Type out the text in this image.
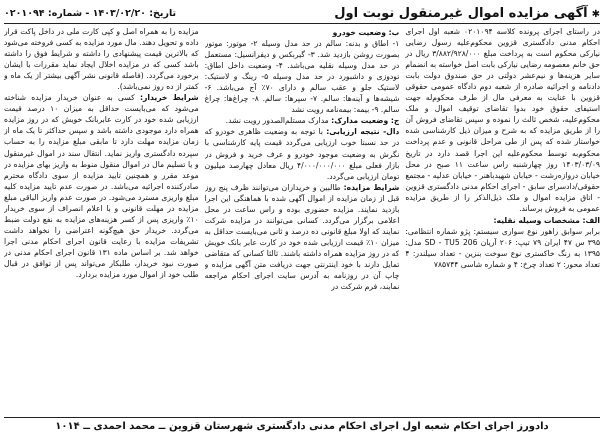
✱آگهی مزایده اموال غیرمنقول نوبت اول
تاریخ: ۱۴۰۳/۰۲/۲۰ - شماره: ۰۲۰۱۰۹۴

در راستای اجرای پرونده کلاسه ۰۲۰۱۰۹۴ شعبه اول اجرای احکام مدنی دادگستری قزوین محکوم‌علیه رسول رضایی نیارکی محکوم است به پرداخت مبلغ ۳/۸۸۲/۹۲۸/۰۰۰ ریال در حق خانم معصومه رضایی نیارکی بابت اصل خواسته به انضمام سایر هزینه‌ها و نیم‌عشر دولتی در حق صندوق دولت بابت دادنامه و اجرائیه صادره از شعبه دوم دادگاه عمومی حقوقی قزوین با عنایت به معرفی مال از طرف محکوم‌له جهت استیفای حقوق خود بدوا تقاضای توقیف اموال و ملک محکوم‌علیه، شخص ثالث را نموده و سپس تقاضای فروش آن را از طریق مزایده که به شرح و میزان ذیل کارشناسی شده خواستار شده که پس از طی مراحل قانونی و عدم پرداخت محکوم‌به توسط محکوم‌علیه این اجرا قصد دارد در تاریخ ۱۴۰۳/۰۳/۰۹ روز چهارشنبه راس ساعت ۱۱ صبح در محل خیابان دروازه‌رشت - خیابان شهیدباهنر - خیابان عدلیه - مجتمع حقوقی/دادسرای سابق - اجرای احکام مدنی دادگستری قزوین - اتاق مزایده اموال و ملک ذیل‌الذکر را از طریق مزایده عمومی به فروش برساند.

الف: مشخصات وسیله نقلیه:

برابر سوابق راهور نوع سواری سیستم: پژو شماره انتظامی: ۳۹۵ س ۴۷ ایران ۷۹ تیپ: ۲۰۶ آریان SD - TU5 206 مدل: ۱۳۹۵ به رنگ خاکستری نوع سوخت بنزین - تعداد سیلندر: ۴ تعداد محور: ۲ تعداد چرخ: ۴ و شماره شاسی ۷۸۵۷۴۴

ب: وضعیت خودرو

۱- اطاق و بدنه: سالم در حد مدل وسیله ۲- موتور: موتور بصورت روشن بازدید شد. ۳- گیربکس و دیفرانسیل: مستعمل در حد مدل وسیله نقلیه می‌باشد. ۴- وضعیت داخل اطاق: تودوزی و داشبورد در حد مدل وسیله ۵- رینگ و لاستیک: لاستیک جلو و عقب سالم و دارای ۷۰٪ آج می‌باشد. ۶- شیشه‌ها و آینه‌ها: سالم. ۷- سپرها: سالم. ۸- چراغ‌ها: چراغ سالم. ۹- بیمه: بیمه‌نامه رویت نشد

ج: وضعیت مدارک: مدارک مستلم‌الصدور رویت نشد.

دال- نتیجه ارزیابی: با توجه به وضعیت ظاهری خودرو که در حد نسبتا خوب ارزیابی می‌گردد قیمت پایه کارشناسی با نگرش به وضعیت موجود خودرو و عرف خرید و فروش در بازار فعلی مبلغ ۴/۰۰۰/۰۰۰/۰۰۰ ریال معادل چهارصد میلیون تومان ارزیابی می‌گردد.

شرایط مزایده: طالبین و خریداران می‌توانند ظرف پنج روز قبل از زمان مزایده از اموال آگهی شده با هماهنگی این اجرا بازدید نمایند. مزایده حضوری بوده و راس ساعت در محل اعلامی برگزار می‌گردد. کسانی می‌توانند در مزایده شرکت نمایند که اولا مبلغ قانونی ده درصد و ثانی می‌بایست حداقل به میزان ۱۰٪ قیمت ارزیابی شده خود در کارت عابر بانک خویش که در روز مزایده همراه داشته باشند. ثالثا کسانی که متقاضی تمایل دارند با خود اینترنتی جهت دریافت متن آگهی مزایده و چاپ آن در روزنامه به آدرس سایت اجرای احکام مراجعه نمایند، فرم شرکت در

مزایده را به همراه اصل و کپی کارت ملی در داخل پاکت قرار داده و تحویل دهند. مال مورد مزایده به کسی فروخته می‌شود که بالاترین قیمت پیشنهادی را داشته و شرایط فوق را داشته باشد کسی که در مزایده اخلال ایجاد نماید مقررات با ایشان برخورد می‌گردد. (فاصله قانونی نشر آگهی بیشتر از یک ماه و کمتر از ده روز نمی‌باشد).

شرایط خریدار: کسی به عنوان خریدار مزایده شناخته می‌شود که می‌بایست حداقل به میزان ۱۰ درصد قیمت ارزیابی شده خود در کارت عابربانک خویش که در روز مزایده همراه دارد موجودی داشته باشد و سپس حداکثر تا یک ماه از زمان مزایده مهلت دارد تا مابقی مبلغ مزایده را به حساب سپرده دادگستری واریز نماید. انتقال سند در اموال غیرمنقول و یا تسلیم مال در اموال منقول منوط به واریز بهای مزایده در موعد مقرر و همچنین تایید مزایده از سوی دادگاه محترم صادرکننده اجرائیه می‌باشد. در صورت عدم تایید مزایده کلیه مبلغ واریزی مسترد می‌شود. در صورت عدم واریز الباقی مبلغ مزایده در مهلت قانونی و با اعلام انصراف از سوی خریدار ۱۰٪ واریزی پس از کسر هزینه‌های مزایده به نفع دولت ضبط می‌گردد. خریدار حق هیچ‌گونه اعتراضی را نخواهد داشت تشریفات مزایده با رعایت قانون اجرای احکام مدنی اجرا خواهد شد. بر اساس ماده ۱۳۱ قانون اجرای احکام مدنی در صورت نبود خریدار، طلبکار می‌تواند پس از توافق در قبال طلب خود از اموال مورد مزایده بردارد.

دادورز اجرای احکام شعبه اول اجرای احکام مدنی دادگستری شهرستان قزوین ــ محمد احمدی ــ ۱۰۱۴
